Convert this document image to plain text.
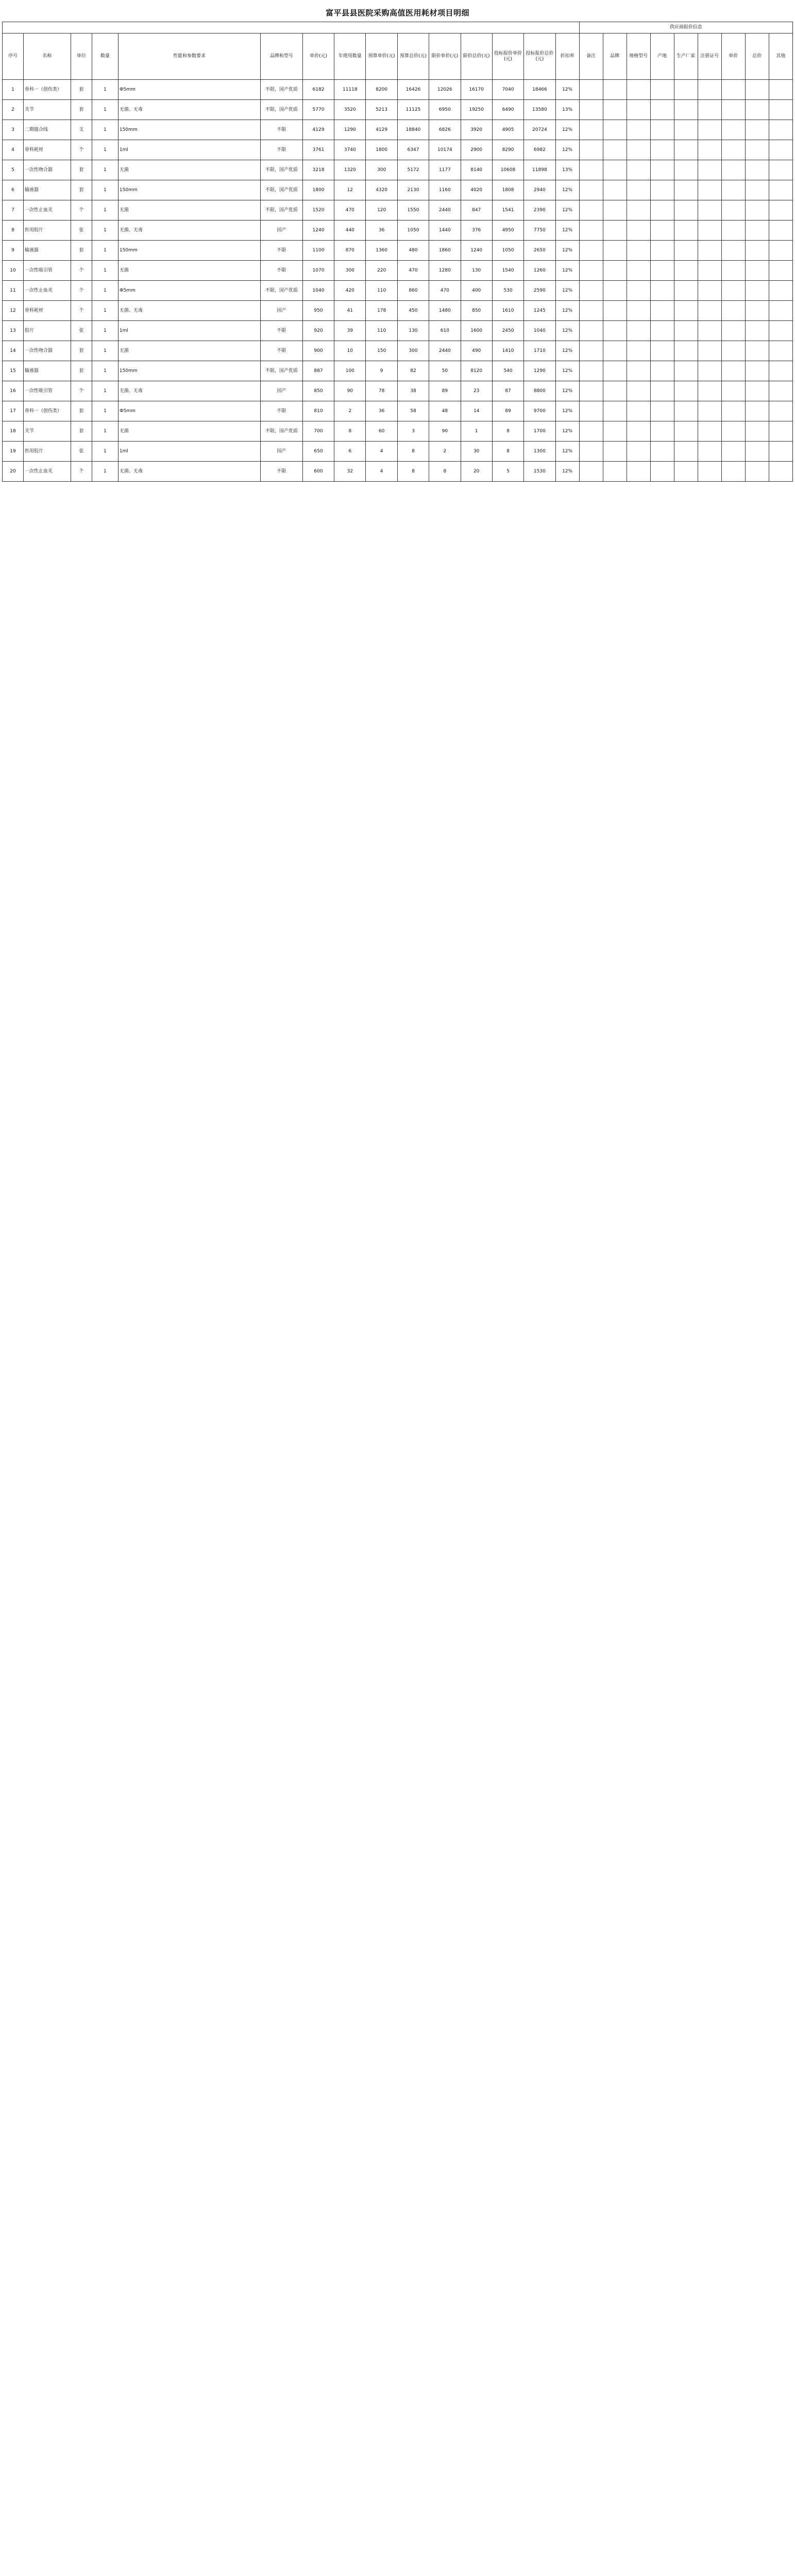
富平县县医院采购高值医用耗材项目明细
															供应商报价信息								
序号	名称	单位	数量	性能和参数要求	品牌和型号	单价(元)	年使用数量	预算单价(元)	预算总价(元)	限价单价(元)	限价总价(元)	投标报价单价(元)	投标报价总价(元)	折扣率	备注	品牌	规格型号	产地	生产厂家	注册证号	单价	总价	其他
1	骨科一（创伤类）	套	1	Ф5mm	不限，国产优质	6182	11118	8200	16426	12026	16170	7040	18466	12%									
2	关节	套	1	无菌、无毒	不限，国产优质	5770	3520	5213	11125	6950	19250	6490	13580	13%									
3	二期缝合线	支	1	150mm	不限	4129	1290	4129	18840	6826	3920	4905	20724	12%									
4	骨科耗材	个	1	1ml	不限	3761	3740	1800	6347	10174	2900	8290	6982	12%									
5	一次性吻合器	套	1	无菌	不限，国产优质	3218	1320	300	5172	1177	8140	10608	11898	13%									
6	输液器	套	1	150mm	不限，国产优质	1800	12	4320	2130	1160	4020	1808	2940	12%									
7	一次性止血夹	个	1	无菌	不限，国产优质	1520	470	120	1550	2440	847	1541	2390	12%									
8	医用胶片	张	1	无菌、无毒	国产	1240	440	36	1050	1440	376	4950	7750	12%									
9	输液器	套	1	150mm	不限	1100	870	1360	480	1860	1240	1050	2650	12%									
10	一次性吸引管	个	1	无菌	不限	1070	300	220	470	1280	130	1540	1260	12%									
11	一次性止血夹	个	1	Ф5mm	不限，国产优质	1040	420	110	860	470	400	530	2590	12%									
12	骨科耗材	个	1	无菌、无毒	国产	950	41	178	450	1480	850	1610	1245	12%									
13	胶片	张	1	1ml	不限	920	39	110	130	610	1600	2450	1040	12%									
14	一次性吻合器	套	1	无菌	不限	900	10	150	300	2440	490	1410	1710	12%									
15	输液器	套	1	150mm	不限，国产优质	887	100	9	82	50	8120	540	1290	12%									
16	一次性吸引管	个	1	无菌、无毒	国产	850	90	78	38	89	23	87	8800	12%									
17	骨科一（创伤类）	套	1	Ф5mm	不限	810	2	36	58	48	14	89	9700	12%									
18	关节	套	1	无菌	不限，国产优质	700	8	60	3	90	1	8	1700	12%									
19	医用胶片	张	1	1ml	国产	650	6	4	8	2	30	8	1300	12%									
20	一次性止血夹	个	1	无菌、无毒	不限	600	32	4	8	8	20	5	1530	12%									
